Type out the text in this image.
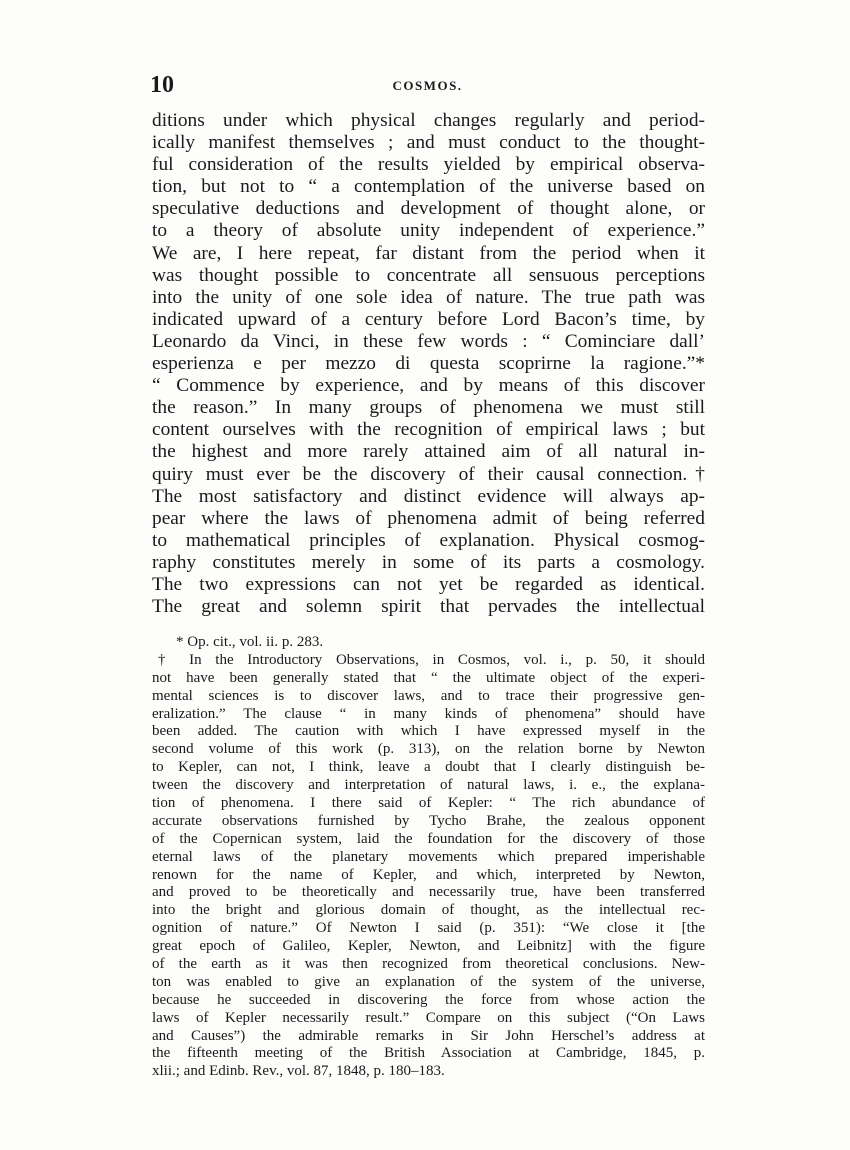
10	COSMOS.
ditions under which physical changes regularly and period-
ically manifest themselves ; and must conduct to the thought-
ful consideration of the results yielded by empirical observa-
tion, but not to “ a contemplation of the universe based on
speculative deductions and development of thought alone, or
to a theory of absolute unity independent of experience.”
We are, I here repeat, far distant from the period when it
was thought possible to concentrate all sensuous perceptions
into the unity of one sole idea of nature. The true path was
indicated upward of a century before Lord Bacon’s time, by
Leonardo da Vinci, in these few words : “ Cominciare dall’
esperienza e per mezzo di questa scoprirne la ragione.”*
“ Commence by experience, and by means of this discover
the reason.” In many groups of phenomena we must still
content ourselves with the recognition of empirical laws ; but
the highest and more rarely attained aim of all natural in-
quiry must ever be the discovery of their causal connection.†
The most satisfactory and distinct evidence will always ap-
pear where the laws of phenomena admit of being referred
to mathematical principles of explanation. Physical cosmog-
raphy constitutes merely in some of its parts a cosmology.
The two expressions can not yet be regarded as identical.
The great and solemn spirit that pervades the intellectual
* Op. cit., vol. ii. p. 283.
† In the Introductory Observations, in Cosmos, vol. i., p. 50, it should
not have been generally stated that “ the ultimate object of the experi-
mental sciences is to discover laws, and to trace their progressive gen-
eralization.” The clause “ in many kinds of phenomena” should have
been added. The caution with which I have expressed myself in the
second volume of this work (p. 313), on the relation borne by Newton
to Kepler, can not, I think, leave a doubt that I clearly distinguish be-
tween the discovery and interpretation of natural laws, i. e., the explana-
tion of phenomena. I there said of Kepler: “ The rich abundance of
accurate observations furnished by Tycho Brahe, the zealous opponent
of the Copernican system, laid the foundation for the discovery of those
eternal laws of the planetary movements which prepared imperishable
renown for the name of Kepler, and which, interpreted by Newton,
and proved to be theoretically and necessarily true, have been transferred
into the bright and glorious domain of thought, as the intellectual rec-
ognition of nature.” Of Newton I said (p. 351): “We close it [the
great epoch of Galileo, Kepler, Newton, and Leibnitz] with the figure
of the earth as it was then recognized from theoretical conclusions. New-
ton was enabled to give an explanation of the system of the universe,
because he succeeded in discovering the force from whose action the
laws of Kepler necessarily result.” Compare on this subject (“On Laws
and Causes”) the admirable remarks in Sir John Herschel’s address at
the fifteenth meeting of the British Association at Cambridge, 1845, p.
xlii.; and Edinb. Rev., vol. 87, 1848, p. 180–183.
